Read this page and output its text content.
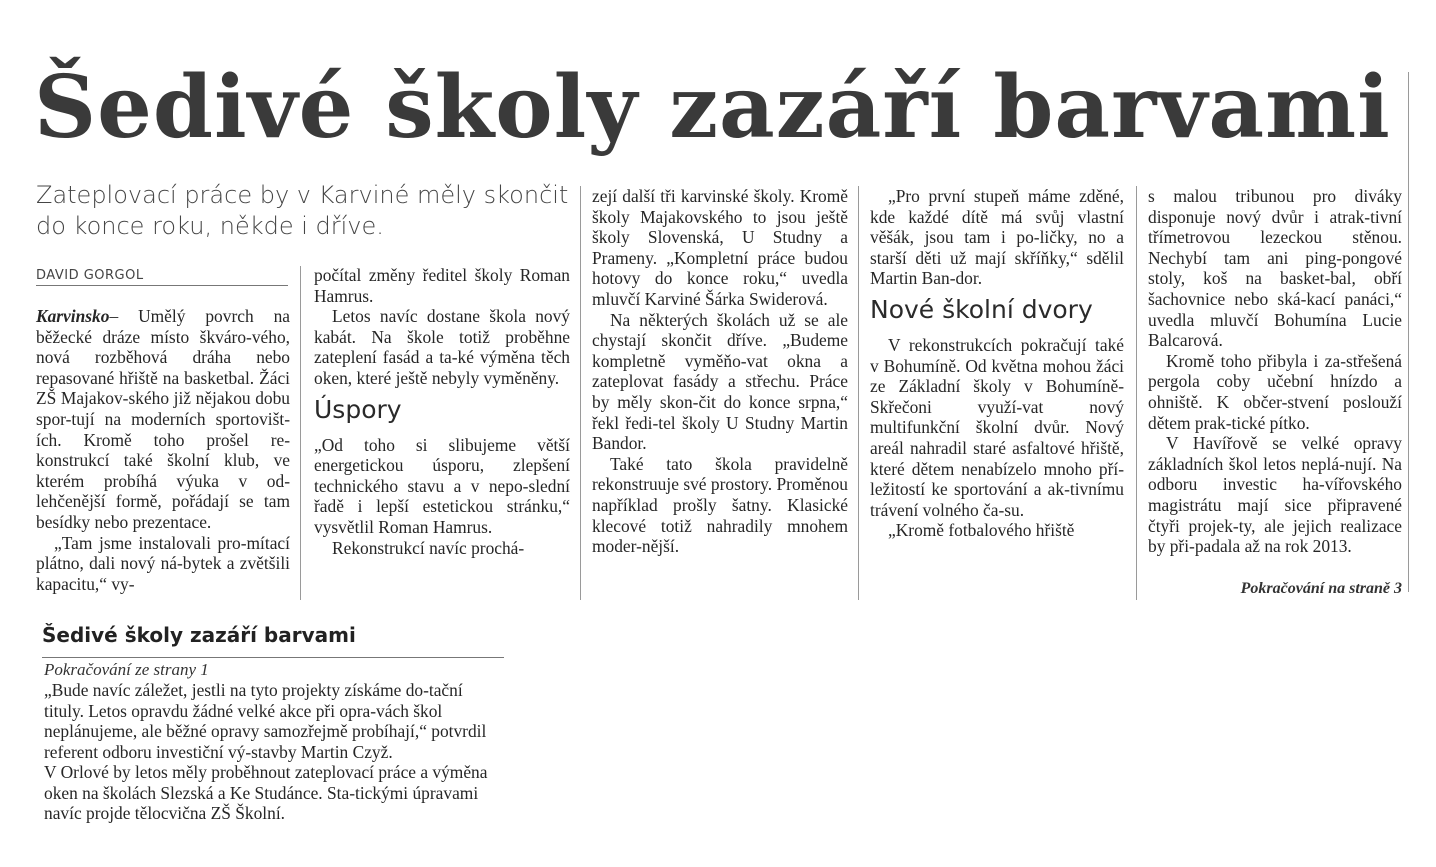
Šedivé školy zazáří barvami
Zateplovací práce by v Karviné měly skončit do konce roku, někde i dříve.
DAVID GORGOL

Karvinsko– Umělý povrch na běžecké dráze místo škváro-vého, nová rozběhová dráha nebo repasované hřiště na basketbal. Žáci ZŠ Majakov-ského již nějakou dobu spor-tují na moderních sportovišt-ích. Kromě toho prošel re-konstrukcí také školní klub, ve kterém probíhá výuka v od-lehčenější formě, pořádají se tam besídky nebo prezentace.

„Tam jsme instalovali pro-mítací plátno, dali nový ná-bytek a zvětšili kapacitu,“ vy-

počítal změny ředitel školy Roman Hamrus.

Letos navíc dostane škola nový kabát. Na škole totiž proběhne zateplení fasád a ta-ké výměna těch oken, které ještě nebyly vyměněny.

Úspory

„Od toho si slibujeme větší energetickou úsporu, zlepšení technického stavu a v nepo-slední řadě i lepší estetickou stránku,“ vysvětlil Roman Hamrus.

Rekonstrukcí navíc prochá-

zejí další tři karvinské školy. Kromě školy Majakovského to jsou ještě školy Slovenská, U Studny a Prameny. „Kompletní práce budou hotovy do konce roku,“ uvedla mluvčí Karviné Šárka Swiderová.

Na některých školách už se ale chystají skončit dříve. „Budeme kompletně vyměňo-vat okna a zateplovat fasády a střechu. Práce by měly skon-čit do konce srpna,“ řekl ředi-tel školy U Studny Martin Bandor.

Také tato škola pravidelně rekonstruuje své prostory. Proměnou například prošly šatny. Klasické klecové totiž nahradily mnohem moder-nější.

„Pro první stupeň máme zděné, kde každé dítě má svůj vlastní věšák, jsou tam i po-ličky, no a starší děti už mají skříňky,“ sdělil Martin Ban-dor.

Nové školní dvory

V rekonstrukcích pokračují také v Bohumíně. Od května mohou žáci ze Základní školy v Bohumíně-Skřečoni využí-vat nový multifunkční školní dvůr. Nový areál nahradil staré asfaltové hřiště, které dětem nenabízelo mnoho pří-ležitostí ke sportování a ak-tivnímu trávení volného ča-su.

„Kromě fotbalového hřiště

s malou tribunou pro diváky disponuje nový dvůr i atrak-tivní třímetrovou lezeckou stěnou. Nechybí tam ani ping-pongové stoly, koš na basket-bal, obří šachovnice nebo ská-kací panáci,“ uvedla mluvčí Bohumína Lucie Balcarová.

Kromě toho přibyla i za-střešená pergola coby učební hnízdo a ohniště. K občer-stvení poslouží dětem prak-tické pítko.

V Havířově se velké opravy základních škol letos neplá-nují. Na odboru investic ha-vířovského magistrátu mají sice připravené čtyři projek-ty, ale jejich realizace by při-padala až na rok 2013.

Pokračování na straně 3
Šedivé školy zazáří barvami
Pokračování ze strany 1

„Bude navíc záležet, jestli na tyto projekty získáme do-tační tituly. Letos opravdu žádné velké akce při opra-vách škol neplánujeme, ale běžné opravy samozřejmě probíhají,“ potvrdil referent odboru investiční vý-stavby Martin Czyž.

V Orlové by letos měly proběhnout zateplovací práce a výměna oken na školách Slezská a Ke Studánce. Sta-tickými úpravami navíc projde tělocvična ZŠ Školní.
